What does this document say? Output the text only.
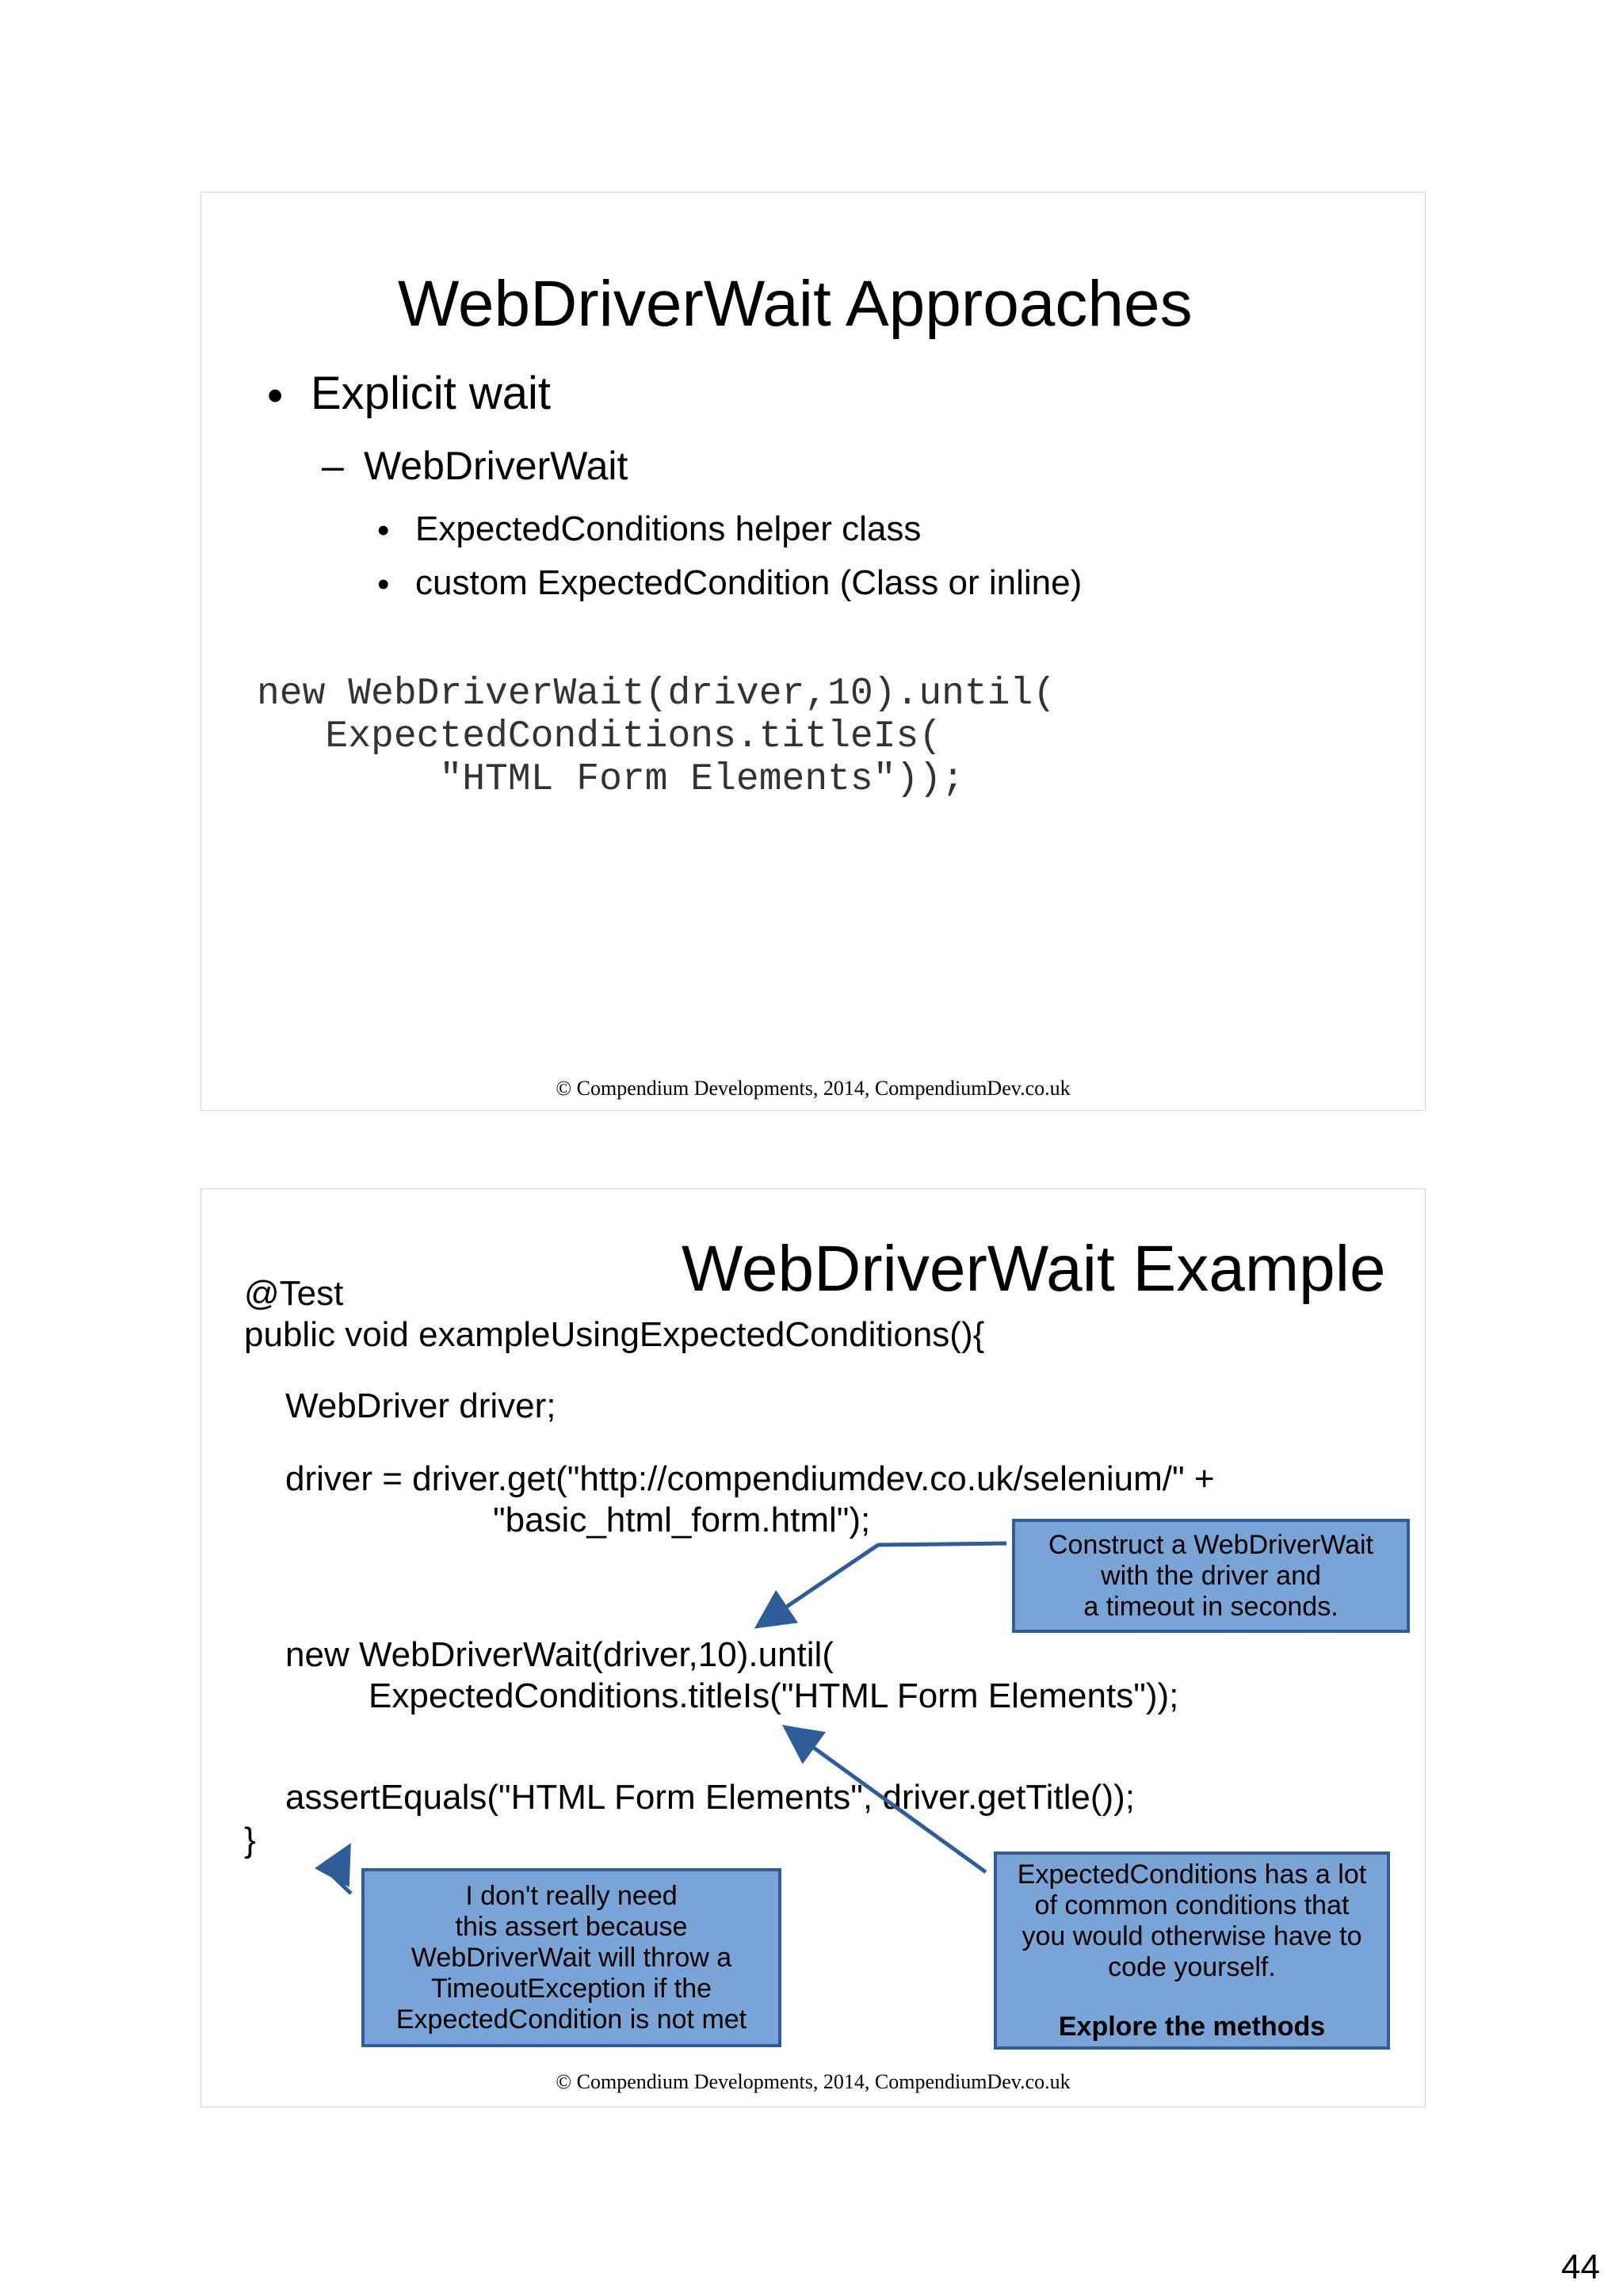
WebDriverWait Approaches
• Explicit wait
– WebDriverWait
• ExpectedConditions helper class
• custom ExpectedCondition (Class or inline)
new WebDriverWait(driver,10).until(
ExpectedConditions.titleIs(
"HTML Form Elements"));
© Compendium Developments, 2014, CompendiumDev.co.uk
WebDriverWait Example
@Test
public void exampleUsingExpectedConditions(){
WebDriver driver;
driver = driver.get("http://compendiumdev.co.uk/selenium/" +
"basic_html_form.html");
new WebDriverWait(driver,10).until(
ExpectedConditions.titleIs("HTML Form Elements"));
assertEquals("HTML Form Elements", driver.getTitle());
}
Construct a WebDriverWait
with the driver and
a timeout in seconds.
I don't really need
this assert because
WebDriverWait will throw a
TimeoutException if the
ExpectedCondition is not met
ExpectedConditions has a lot
of common conditions that
you would otherwise have to
code yourself.
Explore the methods
© Compendium Developments, 2014, CompendiumDev.co.uk
44
